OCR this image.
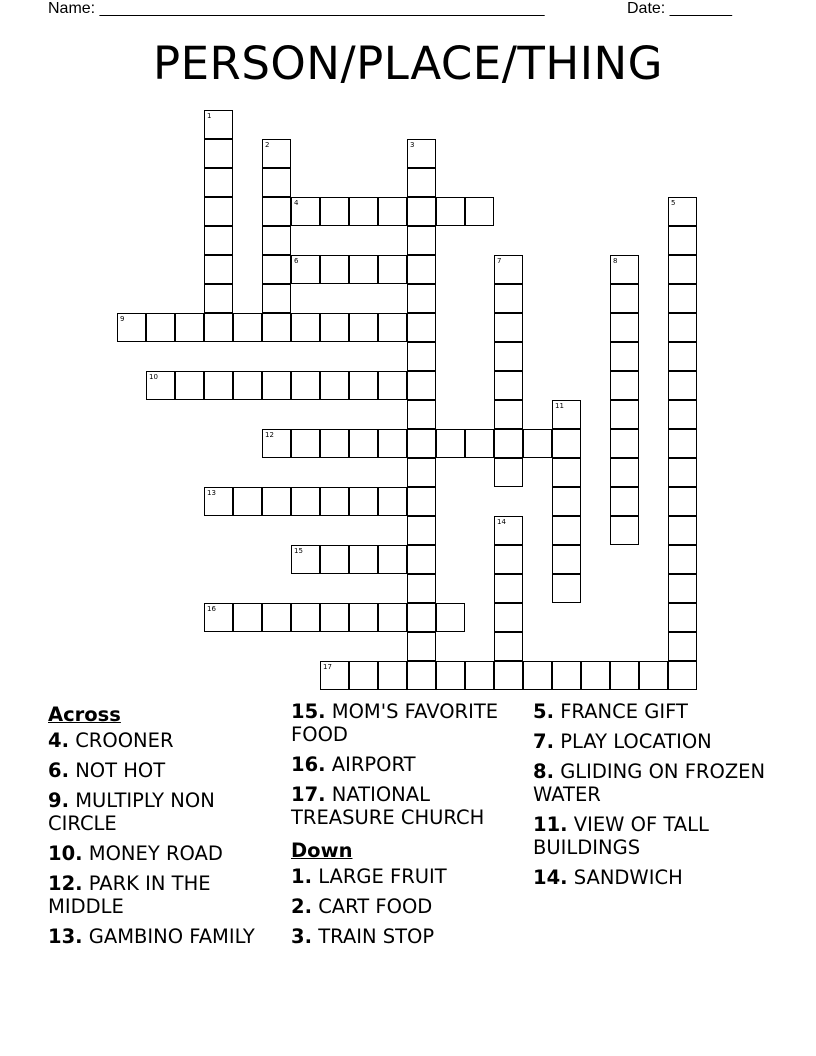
Name: __________________________________________________	Date: _______
PERSON/PLACE/THING
1
2	3
4	5
6	7	8
9
10
11
12
13
14
15
16
17
Across
4. CROONER
6. NOT HOT
9. MULTIPLY NON CIRCLE
10. MONEY ROAD
12. PARK IN THE MIDDLE
13. GAMBINO FAMILY
15. MOM'S FAVORITE FOOD
16. AIRPORT
17. NATIONAL TREASURE CHURCH
Down
1. LARGE FRUIT
2. CART FOOD
3. TRAIN STOP
5. FRANCE GIFT
7. PLAY LOCATION
8. GLIDING ON FROZEN WATER
11. VIEW OF TALL BUILDINGS
14. SANDWICH
